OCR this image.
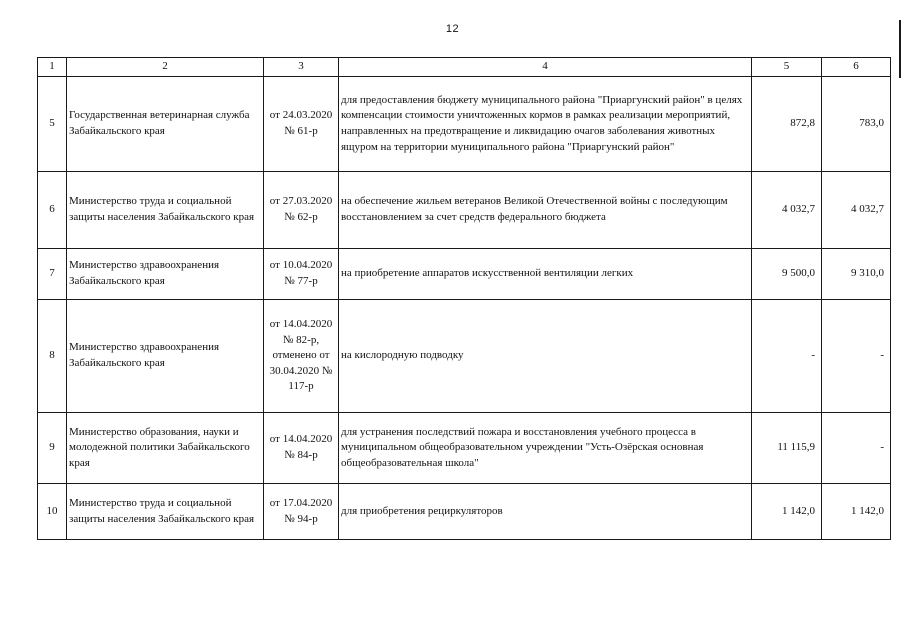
12
1	2	3	4	5	6
5	Государственная ветеринарная служба Забайкальского края	от 24.03.2020 № 61-р	для предоставления бюджету муниципального района "Приаргунский район" в целях компенсации стоимости уничтоженных кормов в рамках реализации мероприятий, направленных на предотвращение и ликвидацию очагов заболевания животных ящуром на территории муниципального района "Приаргунский район"	872,8	783,0
6	Министерство труда и социальной защиты населения Забайкальского края	от 27.03.2020 № 62-р	на обеспечение жильем ветеранов Великой Отечественной войны с последующим восстановлением за счет средств федерального бюджета	4 032,7	4 032,7
7	Министерство здравоохранения Забайкальского края	от 10.04.2020 № 77-р	на приобретение аппаратов искусственной вентиляции легких	9 500,0	9 310,0
8	Министерство здравоохранения Забайкальского края	от 14.04.2020 № 82-р, отменено от 30.04.2020 № 117-р	на кислородную подводку	-	-
9	Министерство образования, науки и молодежной политики Забайкальского края	от 14.04.2020 № 84-р	для устранения последствий пожара и восстановления учебного процесса в муниципальном общеобразовательном учреждении "Усть-Озёрская основная общеобразовательная школа"	11 115,9	-
10	Министерство труда и социальной защиты населения Забайкальского края	от 17.04.2020 № 94-р	для приобретения рециркуляторов	1 142,0	1 142,0
